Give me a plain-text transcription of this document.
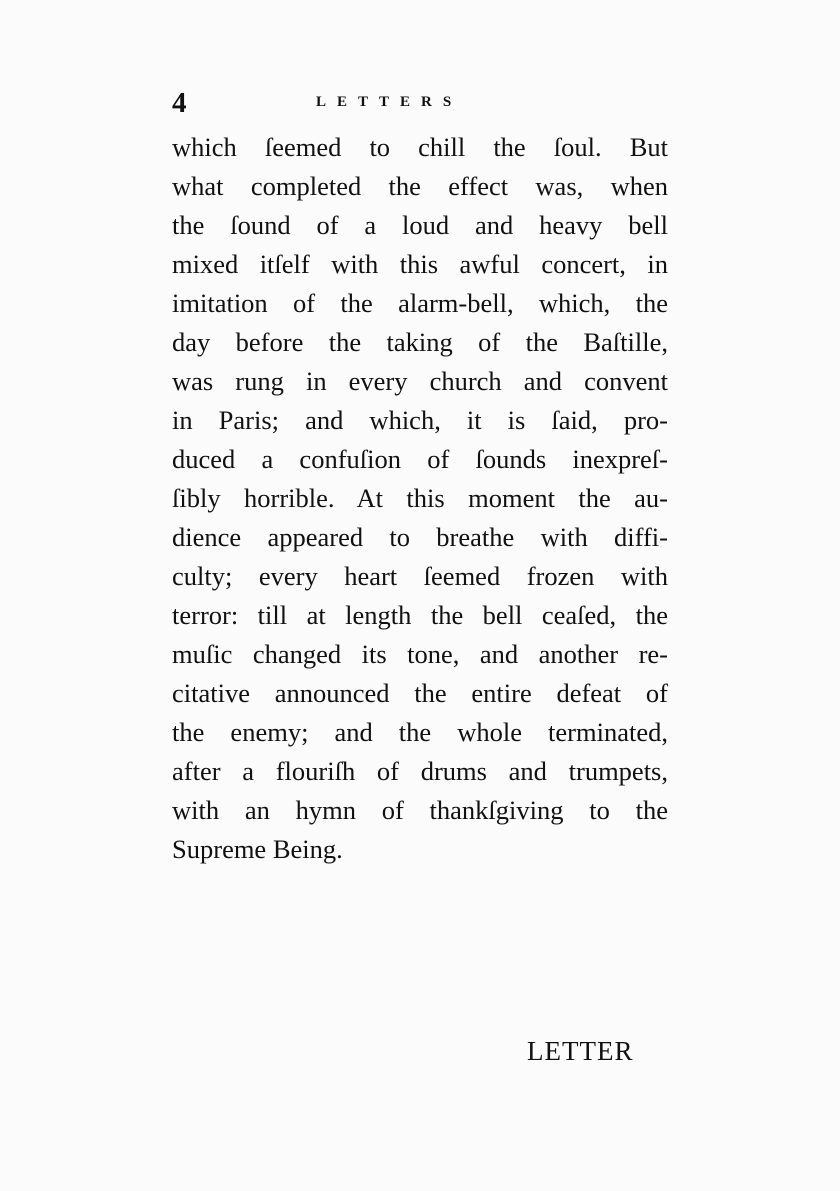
4	LETTERS
which ſeemed to chill the ſoul. But
what completed the effect was, when
the ſound of a loud and heavy bell
mixed itſelf with this awful concert, in
imitation of the alarm-bell, which, the
day before the taking of the Baſtille,
was rung in every church and convent
in Paris; and which, it is ſaid, pro-
duced a confuſion of ſounds inexpreſ-
ſibly horrible. At this moment the au-
dience appeared to breathe with diffi-
culty; every heart ſeemed frozen with
terror: till at length the bell ceaſed, the
muſic changed its tone, and another re-
citative announced the entire defeat of
the enemy; and the whole terminated,
after a flouriſh of drums and trumpets,
with an hymn of thankſgiving to the
Supreme Being.
LETTER
